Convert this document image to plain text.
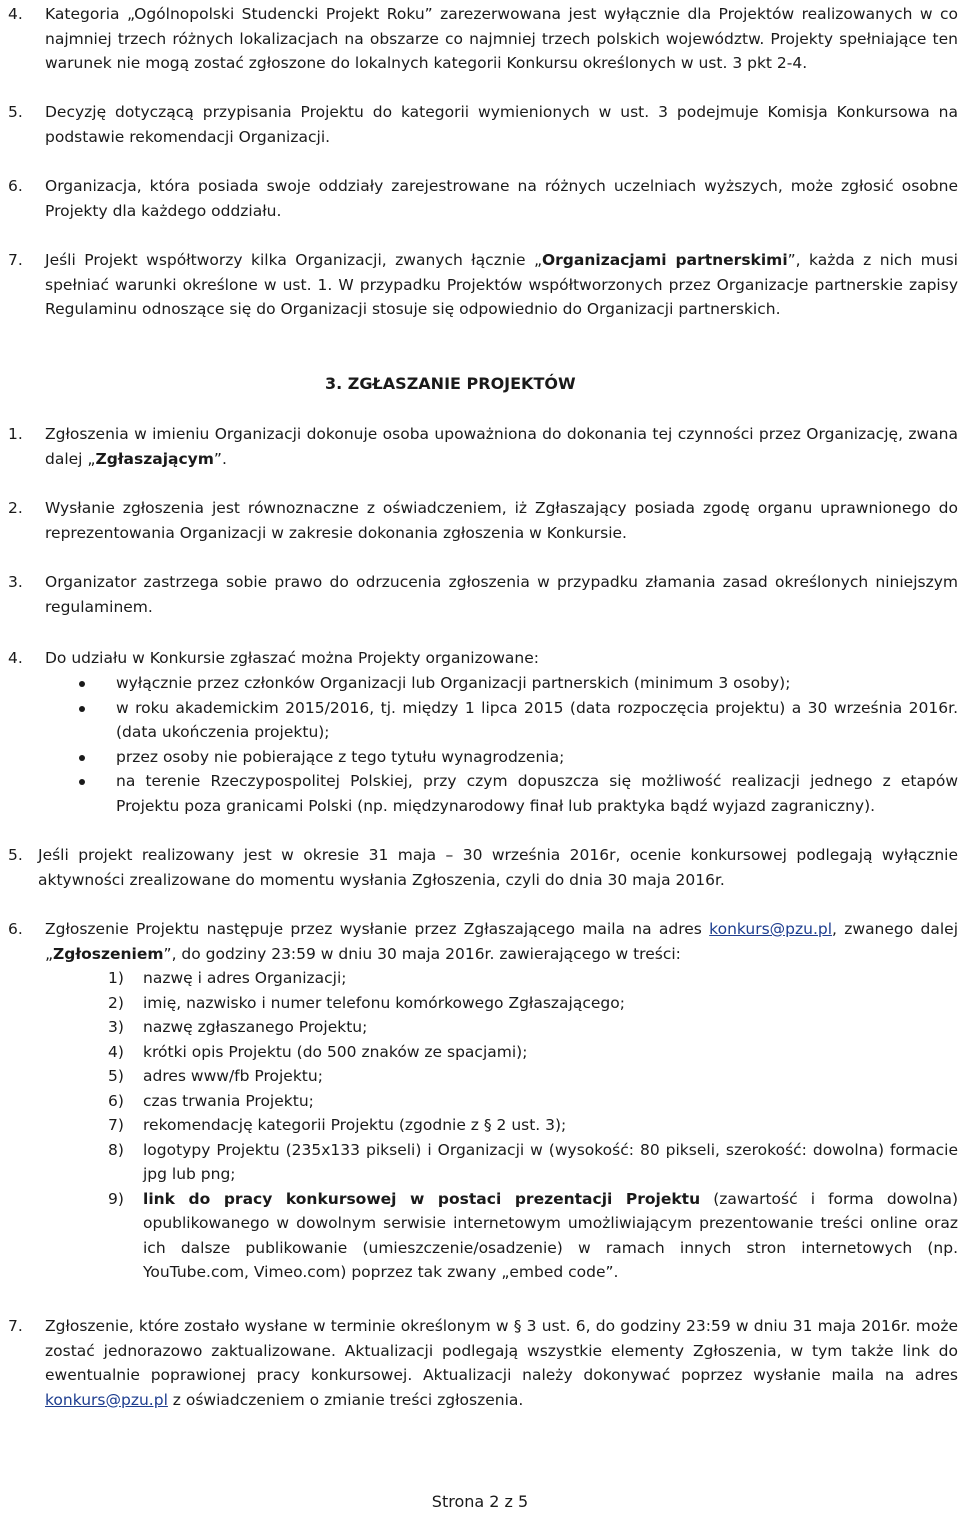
4. Kategoria „Ogólnopolski Studencki Projekt Roku” zarezerwowana jest wyłącznie dla Projektów realizowanych w co najmniej trzech różnych lokalizacjach na obszarze co najmniej trzech polskich województw. Projekty spełniające ten warunek nie mogą zostać zgłoszone do lokalnych kategorii Konkursu określonych w ust. 3 pkt 2-4.

5. Decyzję dotyczącą przypisania Projektu do kategorii wymienionych w ust. 3 podejmuje Komisja Konkursowa na podstawie rekomendacji Organizacji.

6. Organizacja, która posiada swoje oddziały zarejestrowane na różnych uczelniach wyższych, może zgłosić osobne Projekty dla każdego oddziału.

7. Jeśli Projekt współtworzy kilka Organizacji, zwanych łącznie „Organizacjami partnerskimi”, każda z nich musi spełniać warunki określone w ust. 1. W przypadku Projektów współtworzonych przez Organizacje partnerskie zapisy Regulaminu odnoszące się do Organizacji stosuje się odpowiednio do Organizacji partnerskich.

3. ZGŁASZANIE PROJEKTÓW
1. Zgłoszenia w imieniu Organizacji dokonuje osoba upoważniona do dokonania tej czynności przez Organizację, zwana dalej „Zgłaszającym”.

2. Wysłanie zgłoszenia jest równoznaczne z oświadczeniem, iż Zgłaszający posiada zgodę organu uprawnionego do reprezentowania Organizacji w zakresie dokonania zgłoszenia w Konkursie.

3. Organizator zastrzega sobie prawo do odrzucenia zgłoszenia w przypadku złamania zasad określonych niniejszym regulaminem.

4. Do udziału w Konkursie zgłaszać można Projekty organizowane:

wyłącznie przez członków Organizacji lub Organizacji partnerskich (minimum 3 osoby);
w roku akademickim 2015/2016, tj. między 1 lipca 2015 (data rozpoczęcia projektu) a 30 września 2016r. (data ukończenia projektu);
przez osoby nie pobierające z tego tytułu wynagrodzenia;
na terenie Rzeczypospolitej Polskiej, przy czym dopuszcza się możliwość realizacji jednego z etapów Projektu poza granicami Polski (np. międzynarodowy finał lub praktyka bądź wyjazd zagraniczny).
5. Jeśli projekt realizowany jest w okresie 31 maja – 30 września 2016r, ocenie konkursowej podlegają wyłącznie aktywności zrealizowane do momentu wysłania Zgłoszenia, czyli do dnia 30 maja 2016r.

6. Zgłoszenie Projektu następuje przez wysłanie przez Zgłaszającego maila na adres konkurs@pzu.pl, zwanego dalej „Zgłoszeniem”, do godziny 23:59 w dniu 30 maja 2016r. zawierającego w treści:

1) nazwę i adres Organizacji;
2) imię, nazwisko i numer telefonu komórkowego Zgłaszającego;
3) nazwę zgłaszanego Projektu;
4) krótki opis Projektu (do 500 znaków ze spacjami);
5) adres www/fb Projektu;
6) czas trwania Projektu;
7) rekomendację kategorii Projektu (zgodnie z § 2 ust. 3);
8) logotypy Projektu (235x133 pikseli) i Organizacji w (wysokość: 80 pikseli, szerokość: dowolna) formacie jpg lub png;
9) link do pracy konkursowej w postaci prezentacji Projektu (zawartość i forma dowolna) opublikowanego w dowolnym serwisie internetowym umożliwiającym prezentowanie treści online oraz ich dalsze publikowanie (umieszczenie/osadzenie) w ramach innych stron internetowych (np. YouTube.com, Vimeo.com) poprzez tak zwany „embed code”.
7. Zgłoszenie, które zostało wysłane w terminie określonym w § 3 ust. 6, do godziny 23:59 w dniu 31 maja 2016r. może zostać jednorazowo zaktualizowane. Aktualizacji podlegają wszystkie elementy Zgłoszenia, w tym także link do ewentualnie poprawionej pracy konkursowej. Aktualizacji należy dokonywać poprzez wysłanie maila na adres konkurs@pzu.pl z oświadczeniem o zmianie treści zgłoszenia.

Strona 2 z 5
